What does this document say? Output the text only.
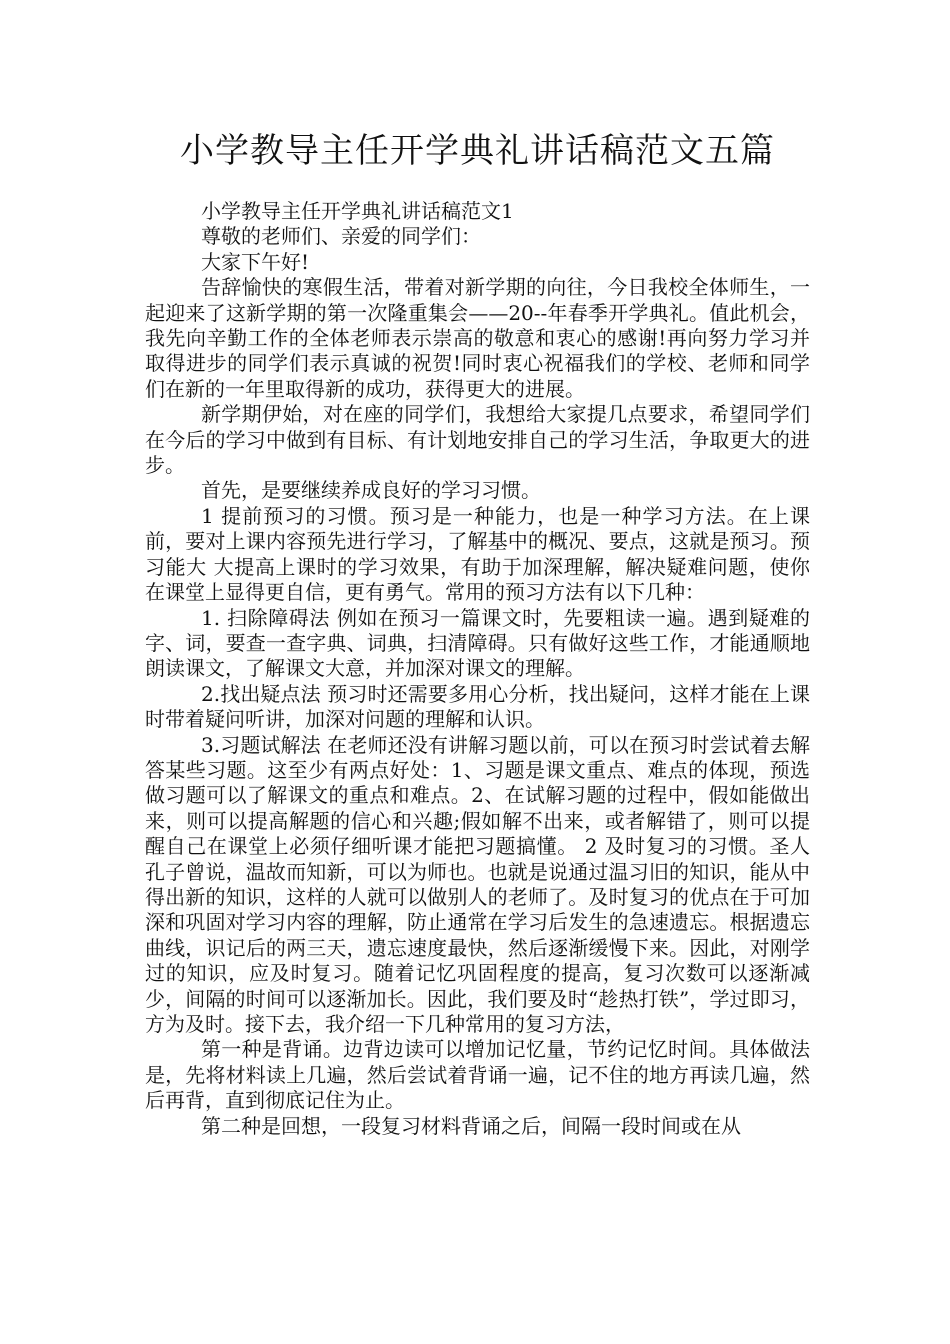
小学教导主任开学典礼讲话稿范文五篇

小学教导主任开学典礼讲话稿范文1

尊敬的老师们、亲爱的同学们：

大家下午好!

告辞愉快的寒假生活，带着对新学期的向往，今日我校全体师生，一起迎来了这新学期的第一次隆重集会——20--年春季开学典礼。值此机会，我先向辛勤工作的全体老师表示崇高的敬意和衷心的感谢!再向努力学习并取得进步的同学们表示真诚的祝贺!同时衷心祝福我们的学校、老师和同学们在新的一年里取得新的成功，获得更大的进展。

新学期伊始，对在座的同学们，我想给大家提几点要求，希望同学们在今后的学习中做到有目标、有计划地安排自己的学习生活，争取更大的进步。

首先，是要继续养成良好的学习习惯。

1 提前预习的习惯。预习是一种能力，也是一种学习方法。在上课前，要对上课内容预先进行学习，了解基中的概况、要点，这就是预习。预习能大 大提高上课时的学习效果，有助于加深理解，解决疑难问题，使你在课堂上显得更自信，更有勇气。常用的预习方法有以下几种：

1. 扫除障碍法 例如在预习一篇课文时，先要粗读一遍。遇到疑难的字、词，要查一查字典、词典，扫清障碍。只有做好这些工作，才能通顺地朗读课文，了解课文大意，并加深对课文的理解。

2.找出疑点法 预习时还需要多用心分析，找出疑问，这样才能在上课时带着疑问听讲，加深对问题的理解和认识。

3.习题试解法 在老师还没有讲解习题以前，可以在预习时尝试着去解答某些习题。这至少有两点好处：1、习题是课文重点、难点的体现，预选做习题可以了解课文的重点和难点。2、在试解习题的过程中，假如能做出来，则可以提高解题的信心和兴趣;假如解不出来，或者解错了，则可以提醒自己在课堂上必须仔细听课才能把习题搞懂。 2 及时复习的习惯。圣人孔子曾说，温故而知新，可以为师也。也就是说通过温习旧的知识，能从中得出新的知识，这样的人就可以做别人的老师了。及时复习的优点在于可加深和巩固对学习内容的理解，防止通常在学习后发生的急速遗忘。根据遗忘曲线，识记后的两三天，遗忘速度最快，然后逐渐缓慢下来。因此，对刚学过的知识，应及时复习。随着记忆巩固程度的提高，复习次数可以逐渐减少，间隔的时间可以逐渐加长。因此，我们要及时“趁热打铁”，学过即习，方为及时。接下去，我介绍一下几种常用的复习方法，

第一种是背诵。边背边读可以增加记忆量，节约记忆时间。具体做法是，先将材料读上几遍，然后尝试着背诵一遍，记不住的地方再读几遍，然后再背，直到彻底记住为止。

第二种是回想，一段复习材料背诵之后，间隔一段时间或在从
